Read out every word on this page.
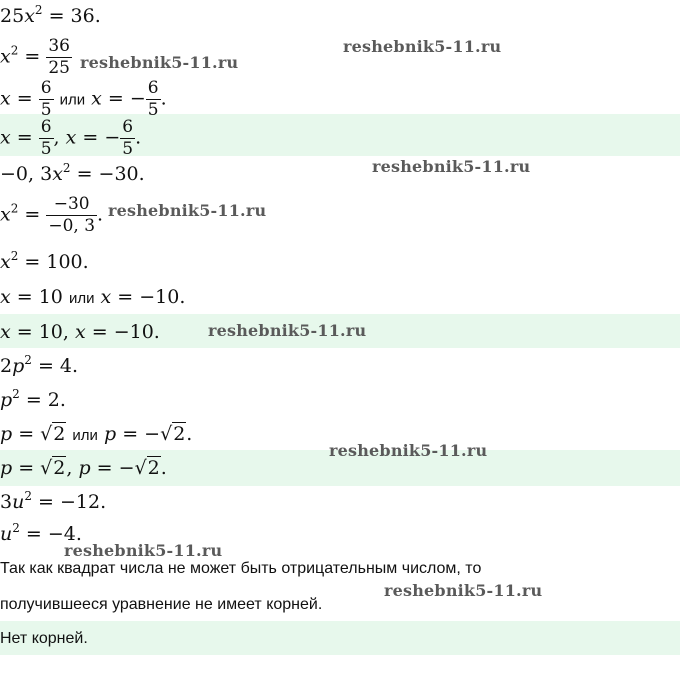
$25x^2 = 36$.
$x^2 = \frac{36}{25}$
$x = \frac{6}{5}$ или x = − $\frac{6}{5}$ .
$x = \frac{6}{5}$ , x = − $\frac{6}{5}$ .
−0, $3x^2 = -30$.
$x^2 = \frac{-30}{-0, 3}$ .
$x^2 = 100$.
x = 10 или x = −10.
x = 10, x = −10.
$2p^2 = 4$.
$p^2 = 2$.
p = √2 или p = −√2.
p = √2, p = −√2.
$3u^2 = -12$.
$u^2 = -4$.
Так как квадрат числа не может быть отрицательным числом, то
получившееся уравнение не имеет корней.
Нет корней.
reshebnik5-11.ru
reshebnik5-11.ru
reshebnik5-11.ru
reshebnik5-11.ru
reshebnik5-11.ru
reshebnik5-11.ru
reshebnik5-11.ru
reshebnik5-11.ru
